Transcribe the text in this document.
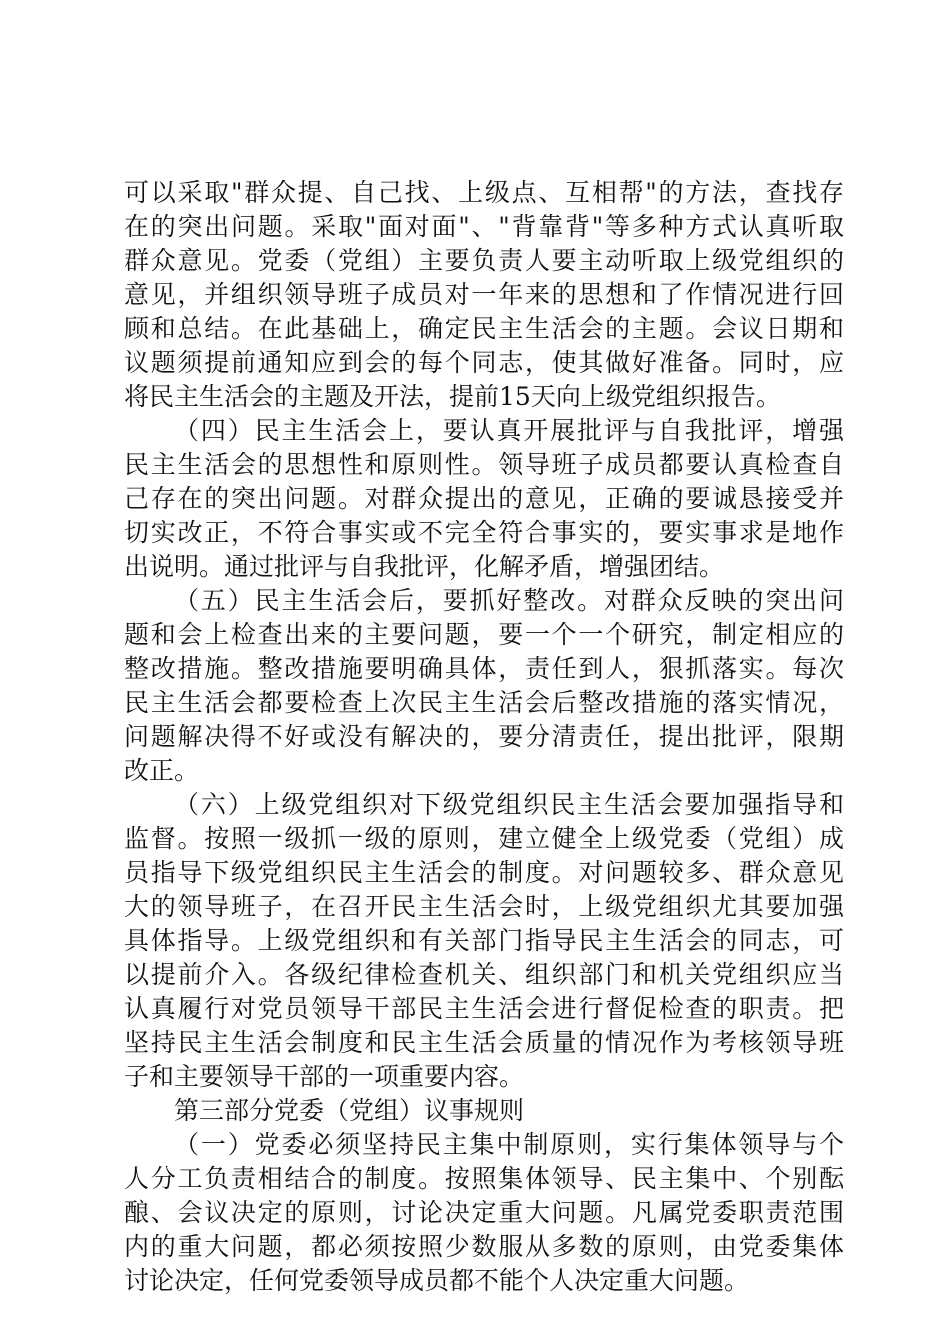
可以采取"群众提、自己找、上级点、互相帮"的方法，查找存
在的突出问题。采取"面对面"、"背靠背"等多种方式认真听取
群众意见。党委（党组）主要负责人要主动听取上级党组织的
意见，并组织领导班子成员对一年来的思想和了作情况进行回
顾和总结。在此基础上，确定民主生活会的主题。会议日期和
议题须提前通知应到会的每个同志，使其做好准备。同时，应
将民主生活会的主题及开法，提前15天向上级党组织报告。
（四）民主生活会上，要认真开展批评与自我批评，增强
民主生活会的思想性和原则性。领导班子成员都要认真检查自
己存在的突出问题。对群众提出的意见，正确的要诚恳接受并
切实改正，不符合事实或不完全符合事实的，要实事求是地作
出说明。通过批评与自我批评，化解矛盾，增强团结。
（五）民主生活会后，要抓好整改。对群众反映的突出问
题和会上检查出来的主要问题，要一个一个研究，制定相应的
整改措施。整改措施要明确具体，责任到人，狠抓落实。每次
民主生活会都要检查上次民主生活会后整改措施的落实情况，
问题解决得不好或没有解决的，要分清责任，提出批评，限期
改正。
（六）上级党组织对下级党组织民主生活会要加强指导和
监督。按照一级抓一级的原则，建立健全上级党委（党组）成
员指导下级党组织民主生活会的制度。对问题较多、群众意见
大的领导班子，在召开民主生活会时，上级党组织尤其要加强
具体指导。上级党组织和有关部门指导民主生活会的同志，可
以提前介入。各级纪律检查机关、组织部门和机关党组织应当
认真履行对党员领导干部民主生活会进行督促检查的职责。把
坚持民主生活会制度和民主生活会质量的情况作为考核领导班
子和主要领导干部的一项重要内容。
第三部分党委（党组）议事规则
（一）党委必须坚持民主集中制原则，实行集体领导与个
人分工负责相结合的制度。按照集体领导、民主集中、个别酝
酿、会议决定的原则，讨论决定重大问题。凡属党委职责范围
内的重大问题，都必须按照少数服从多数的原则，由党委集体
讨论决定，任何党委领导成员都不能个人决定重大问题。
